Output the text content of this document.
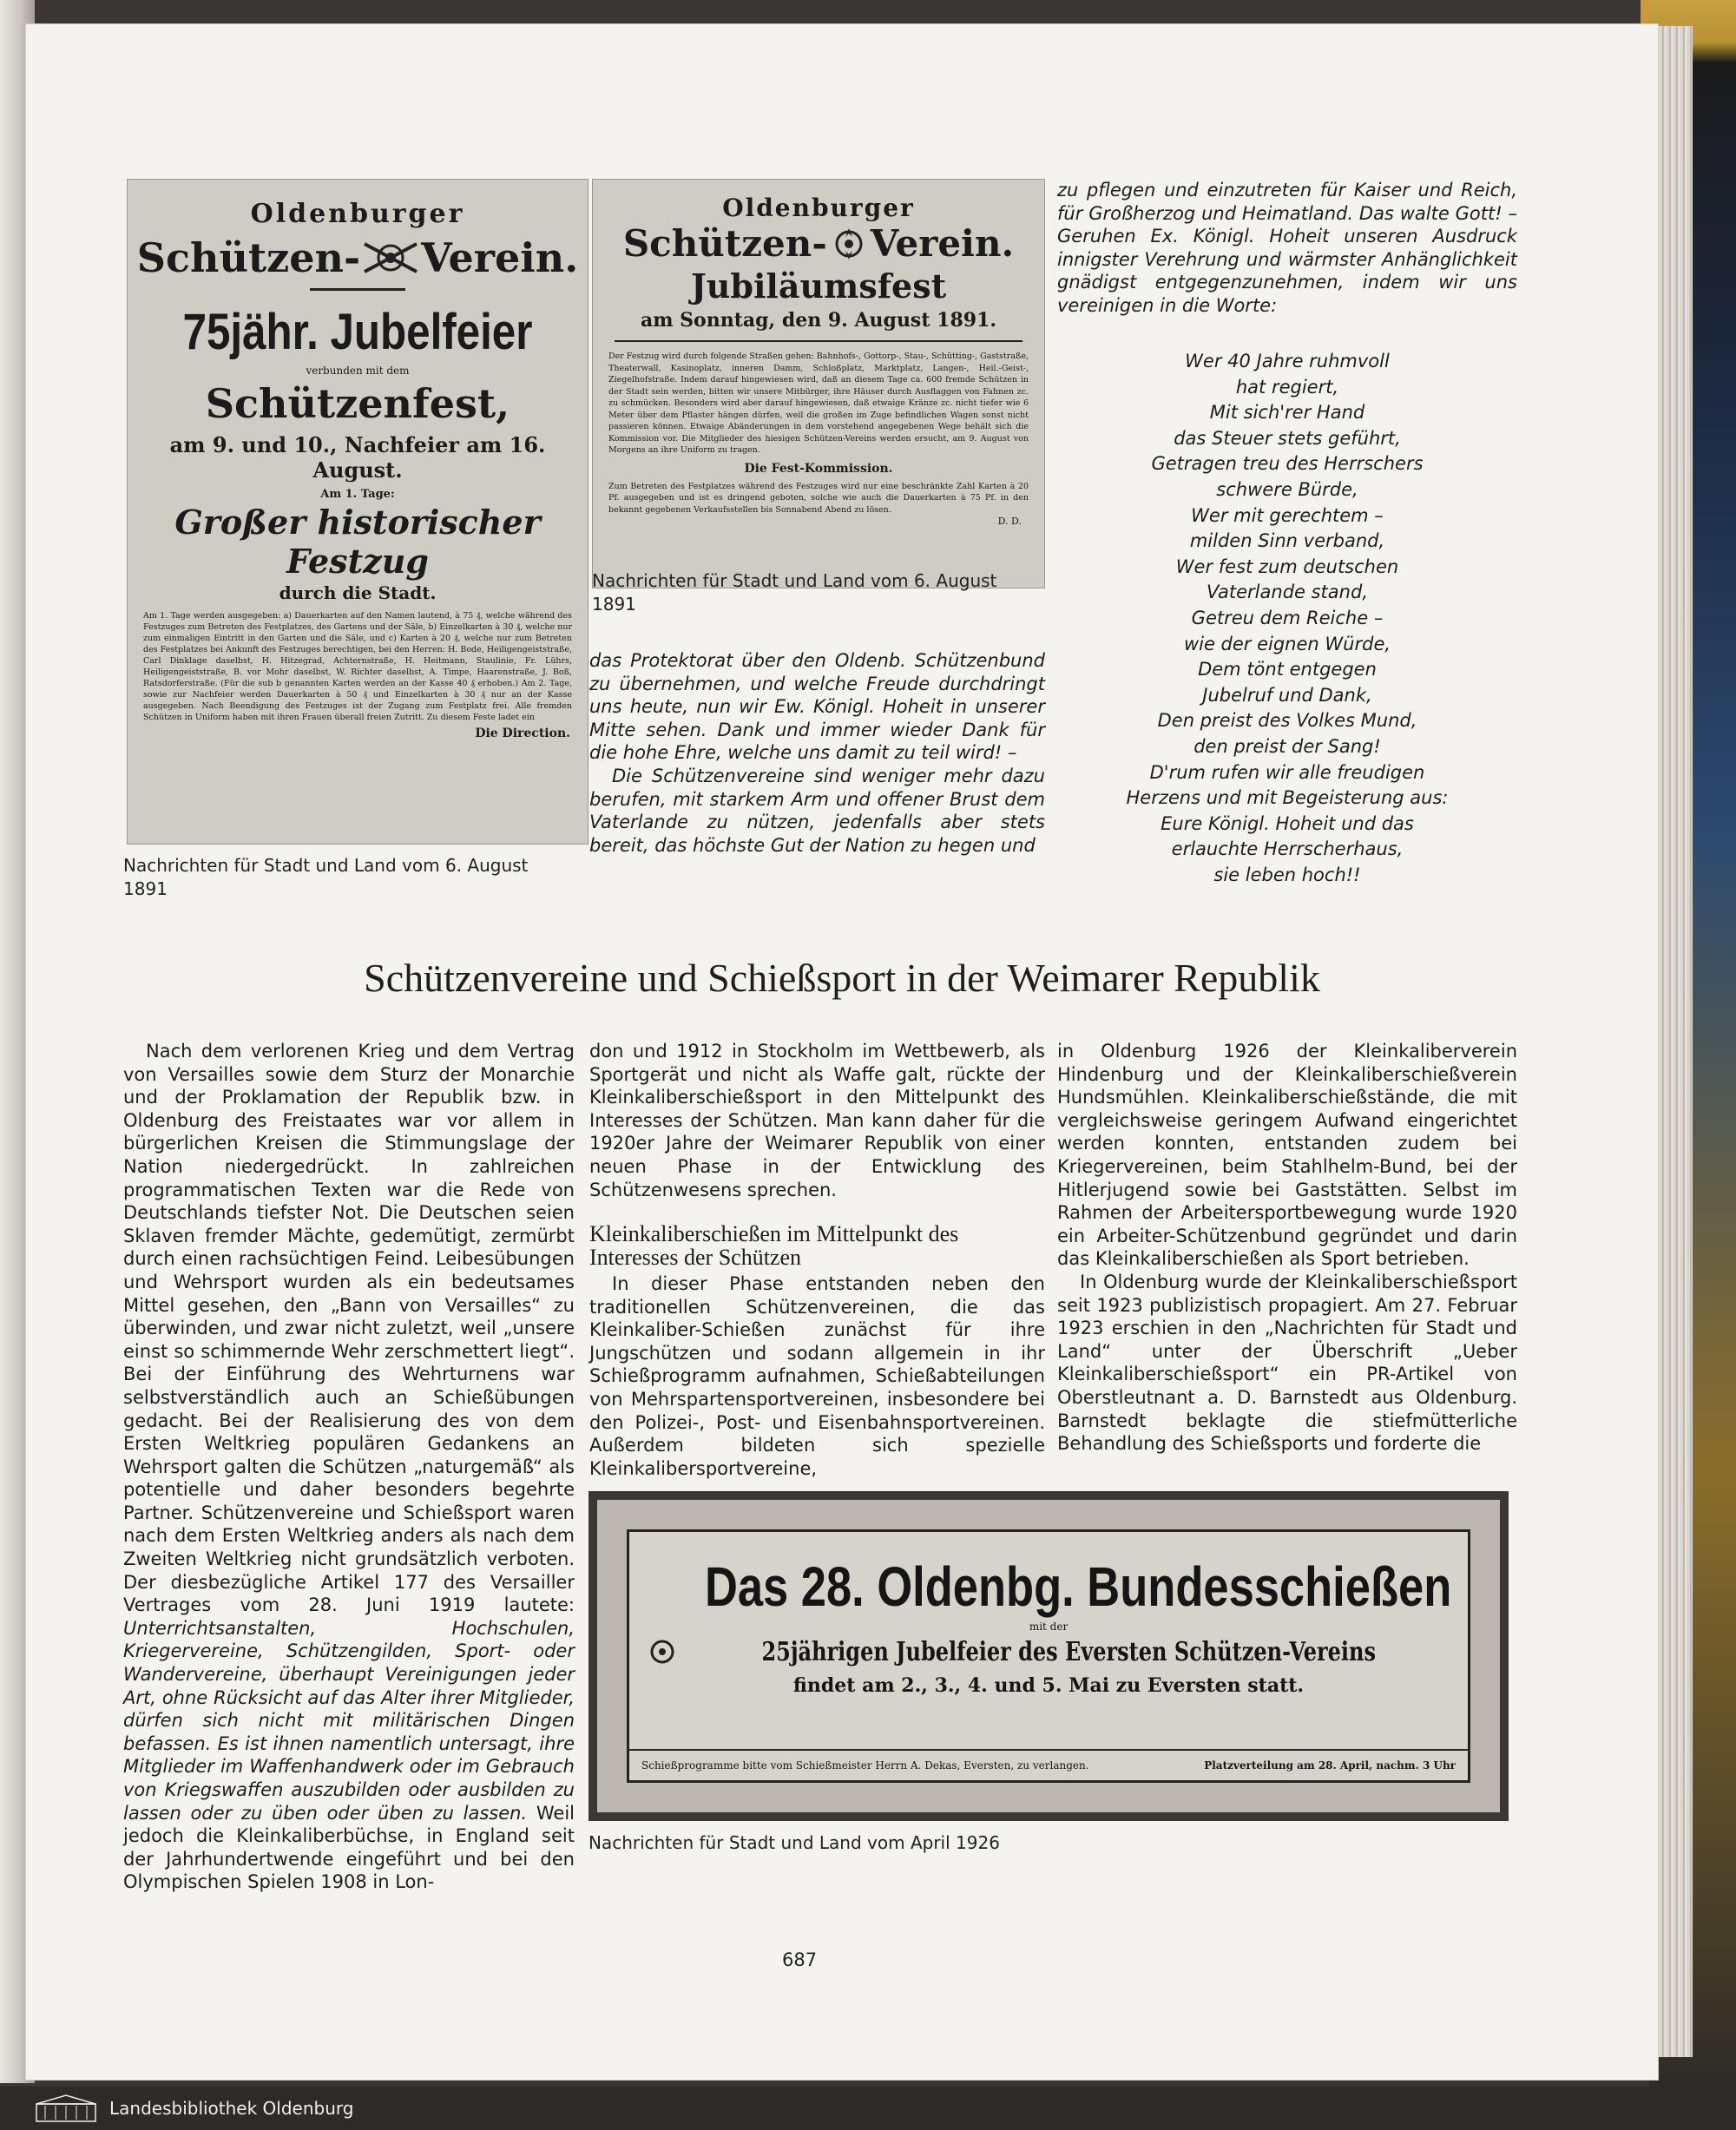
Oldenburger
Schützen- Verein.
75jähr. Jubelfeier
verbunden mit dem
Schützenfest,
am 9. und 10., Nachfeier am 16. August.
Am 1. Tage:
Großer historischer Festzug
durch die Stadt.
Am 1. Tage werden ausgegeben: a) Dauerkarten auf den Namen lautend, à 75 ₰, welche während des Festzuges zum Betreten des Festplatzes, des Gartens und der Säle, b) Einzelkarten à 30 ₰, welche nur zum einmaligen Eintritt in den Garten und die Säle, und c) Karten à 20 ₰, welche nur zum Betreten des Festplatzes bei Ankunft des Festzuges berechtigen, bei den Herren: H. Bode, Heiligengeiststraße, Carl Dinklage daselbst, H. Hitzegrad, Achternstraße, H. Heitmann, Staulinie, Fr. Lührs, Heiligengeiststraße, B. vor Mohr daselbst, W. Richter daselbst, A. Timpe, Haarenstraße, J. Boß, Ratsdorferstraße. (Für die sub b genannten Karten werden an der Kasse 40 ₰ erhoben.) Am 2. Tage, sowie zur Nachfeier werden Dauerkarten à 50 ₰ und Einzelkarten à 30 ₰ nur an der Kasse ausgegeben. Nach Beendigung des Festzuges ist der Zugang zum Festplatz frei. Alle fremden Schützen in Uniform haben mit ihren Frauen überall freien Zutritt. Zu diesem Feste ladet ein
Die Direction.
Nachrichten für Stadt und Land vom 6. August 1891
Oldenburger
Schützen- Verein.
Jubiläumsfest
am Sonntag, den 9. August 1891.
Der Festzug wird durch folgende Straßen gehen: Bahnhofs-, Gottorp-, Stau-, Schütting-, Gaststraße, Theaterwall, Kasinoplatz, inneren Damm, Schloßplatz, Marktplatz, Langen-, Heil.-Geist-, Ziegelhofstraße. Indem darauf hingewiesen wird, daß an diesem Tage ca. 600 fremde Schützen in der Stadt sein werden, bitten wir unsere Mitbürger, ihre Häuser durch Ausflaggen von Fahnen zc. zu schmücken. Besonders wird aber darauf hingewiesen, daß etwaige Kränze zc. nicht tiefer wie 6 Meter über dem Pflaster hängen dürfen, weil die großen im Zuge befindlichen Wagen sonst nicht passieren können. Etwaige Abänderungen in dem vorstehend angegebenen Wege behält sich die Kommission vor. Die Mitglieder des hiesigen Schützen-Vereins werden ersucht, am 9. August von Morgens an ihre Uniform zu tragen.
Die Fest-Kommission.
Zum Betreten des Festplatzes während des Festzuges wird nur eine beschränkte Zahl Karten à 20 Pf. ausgegeben und ist es dringend geboten, solche wie auch die Dauerkarten à 75 Pf. in den bekannt gegebenen Verkaufsstellen bis Sonnabend Abend zu lösen.
D. D.
Nachrichten für Stadt und Land vom 6. August 1891

das Protektorat über den Oldenb. Schützenbund zu übernehmen, und welche Freude durchdringt uns heute, nun wir Ew. Königl. Hoheit in unserer Mitte sehen. Dank und immer wieder Dank für die hohe Ehre, welche uns damit zu teil wird! –

Die Schützenvereine sind weniger mehr dazu berufen, mit starkem Arm und offener Brust dem Vaterlande zu nützen, jedenfalls aber stets bereit, das höchste Gut der Nation zu hegen und

zu pflegen und einzutreten für Kaiser und Reich, für Großherzog und Heimatland. Das walte Gott! – Geruhen Ex. Königl. Hoheit unseren Ausdruck innigster Verehrung und wärmster Anhänglichkeit gnädigst entgegenzunehmen, indem wir uns vereinigen in die Worte:

Wer 40 Jahre ruhmvoll
hat regiert,
Mit sich'rer Hand
das Steuer stets geführt,
Getragen treu des Herrschers
schwere Bürde,
Wer mit gerechtem –
milden Sinn verband,
Wer fest zum deutschen
Vaterlande stand,
Getreu dem Reiche –
wie der eignen Würde,
Dem tönt entgegen
Jubelruf und Dank,
Den preist des Volkes Mund,
den preist der Sang!
D'rum rufen wir alle freudigen
Herzens und mit Begeisterung aus:
Eure Königl. Hoheit und das
erlauchte Herrscherhaus,
sie leben hoch!!
Schützenvereine und Schießsport in der Weimarer Republik

Nach dem verlorenen Krieg und dem Vertrag von Versailles sowie dem Sturz der Monarchie und der Proklamation der Republik bzw. in Oldenburg des Freistaates war vor allem in bürgerlichen Kreisen die Stimmungslage der Nation niedergedrückt. In zahlreichen programmatischen Texten war die Rede von Deutschlands tiefster Not. Die Deutschen seien Sklaven fremder Mächte, gedemütigt, zermürbt durch einen rachsüchtigen Feind. Leibesübungen und Wehrsport wurden als ein bedeutsames Mittel gesehen, den „Bann von Versailles“ zu überwinden, und zwar nicht zuletzt, weil „unsere einst so schimmernde Wehr zerschmettert liegt“. Bei der Einführung des Wehrturnens war selbstverständlich auch an Schießübungen gedacht. Bei der Realisierung des von dem Ersten Weltkrieg populären Gedankens an Wehrsport galten die Schützen „naturgemäß“ als potentielle und daher besonders begehrte Partner. Schützenvereine und Schießsport waren nach dem Ersten Weltkrieg anders als nach dem Zweiten Weltkrieg nicht grundsätzlich verboten. Der diesbezügliche Artikel 177 des Versailler Vertrages vom 28. Juni 1919 lautete: Unterrichtsanstalten, Hochschulen, Kriegervereine, Schützengilden, Sport- oder Wandervereine, überhaupt Vereinigungen jeder Art, ohne Rücksicht auf das Alter ihrer Mitglieder, dürfen sich nicht mit militärischen Dingen befassen. Es ist ihnen namentlich untersagt, ihre Mitglieder im Waffenhandwerk oder im Gebrauch von Kriegswaffen auszubilden oder ausbilden zu lassen oder zu üben oder üben zu lassen. Weil jedoch die Kleinkaliberbüchse, in England seit der Jahrhundertwende eingeführt und bei den Olympischen Spielen 1908 in Lon-

don und 1912 in Stockholm im Wettbewerb, als Sportgerät und nicht als Waffe galt, rückte der Kleinkaliberschießsport in den Mittelpunkt des Interesses der Schützen. Man kann daher für die 1920er Jahre der Weimarer Republik von einer neuen Phase in der Entwicklung des Schützenwesens sprechen.

Kleinkaliberschießen im Mittelpunkt des Interesses der Schützen

In dieser Phase entstanden neben den traditionellen Schützenvereinen, die das Kleinkaliber-Schießen zunächst für ihre Jungschützen und sodann allgemein in ihr Schießprogramm aufnahmen, Schießabteilungen von Mehrspartensportvereinen, insbesondere bei den Polizei-, Post- und Eisenbahnsportvereinen. Außerdem bildeten sich spezielle Kleinkalibersportvereine,

in Oldenburg 1926 der Kleinkaliberverein Hindenburg und der Kleinkaliberschießverein Hundsmühlen. Kleinkaliberschießstände, die mit vergleichsweise geringem Aufwand eingerichtet werden konnten, entstanden zudem bei Kriegervereinen, beim Stahlhelm-Bund, bei der Hitlerjugend sowie bei Gaststätten. Selbst im Rahmen der Arbeitersportbewegung wurde 1920 ein Arbeiter-Schützenbund gegründet und darin das Kleinkaliberschießen als Sport betrieben.

In Oldenburg wurde der Kleinkaliberschießsport seit 1923 publizistisch propagiert. Am 27. Februar 1923 erschien in den „Nachrichten für Stadt und Land“ unter der Überschrift „Ueber Kleinkaliberschießsport“ ein PR-Artikel von Oberstleutnant a. D. Barnstedt aus Oldenburg. Barnstedt beklagte die stiefmütterliche Behandlung des Schießsports und forderte die

Das 28. Oldenbg. Bundesschießen
mit der
25jährigen Jubelfeier des Eversten Schützen-Vereins
findet am 2., 3., 4. und 5. Mai zu Eversten statt.
Schießprogramme bitte vom Schießmeister Herrn A. Dekas, Eversten, zu verlangen.	Platzverteilung am 28. April, nachm. 3 Uhr
Nachrichten für Stadt und Land vom April 1926
687
Landesbibliothek Oldenburg
